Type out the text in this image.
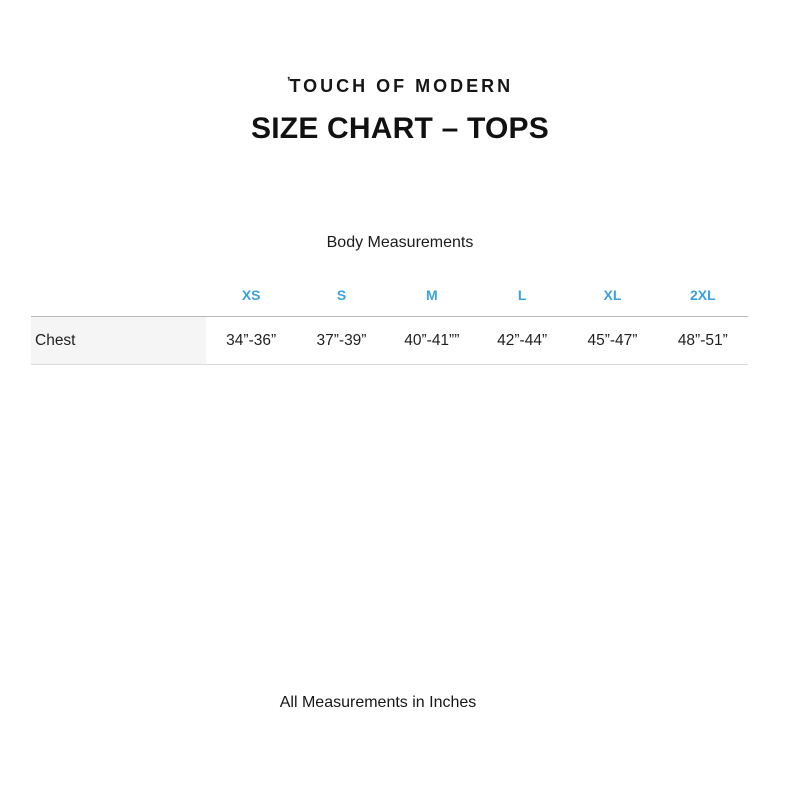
$^ʼ$TOUCH OF MODERN
SIZE CHART – TOPS
Body Measurements
XS	S	M	L	XL	2XL
Chest	34”-36”	37”-39”	40”-41””	42”-44”	45”-47”	48”-51”
All Measurements in Inches
